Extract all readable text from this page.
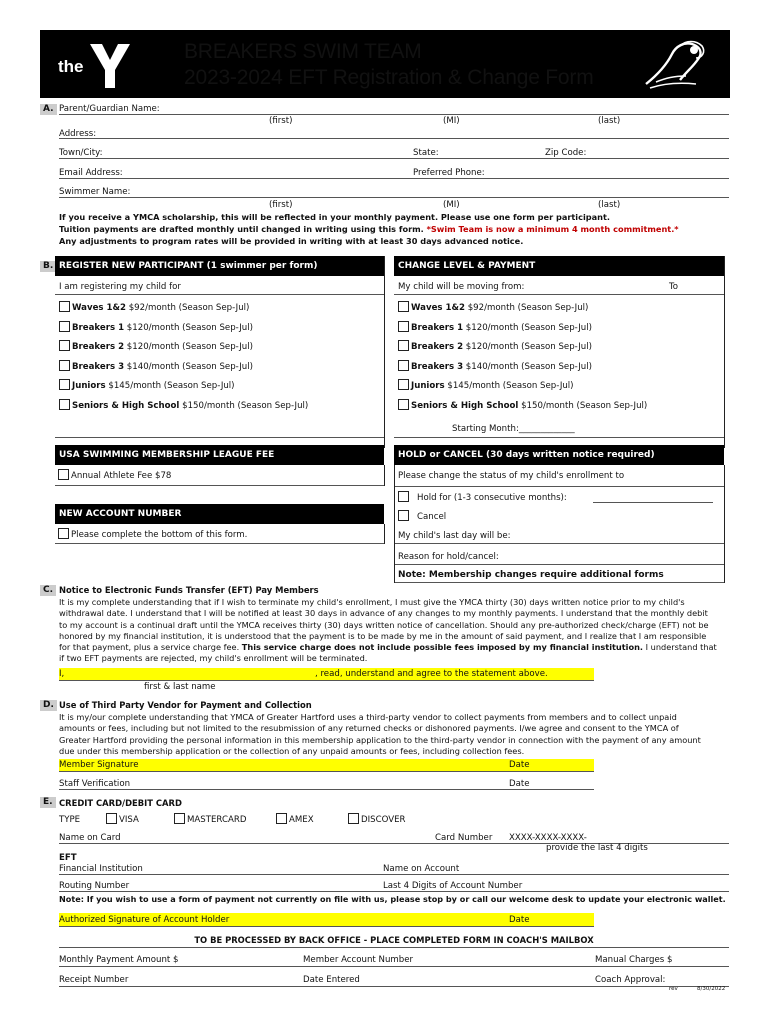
the
BREAKERS SWIM TEAM
2023-2024 EFT Registration & Change Form
A. Parent/Guardian Name:
(first)	(MI)	(last)
Address:
Town/City:	State:	Zip Code:
Email Address:	Preferred Phone:
Swimmer Name:
(first)	(MI)	(last)
If you receive a YMCA scholarship, this will be reflected in your monthly payment. Please use one form per participant.
Tuition payments are drafted monthly until changed in writing using this form. *Swim Team is now a minimum 4 month commitment.*
Any adjustments to program rates will be provided in writing with at least 30 days advanced notice.
B. REGISTER NEW PARTICIPANT (1 swimmer per form)	CHANGE LEVEL & PAYMENT
I am registering my child for	My child will be moving from:	To
Waves 1&2 $92/month (Season Sep-Jul)
Breakers 1 $120/month (Season Sep-Jul)
Breakers 2 $120/month (Season Sep-Jul)
Breakers 3 $140/month (Season Sep-Jul)
Juniors $145/month (Season Sep-Jul)
Seniors & High School $150/month (Season Sep-Jul)
Waves 1&2 $92/month (Season Sep-Jul)
Breakers 1 $120/month (Season Sep-Jul)
Breakers 2 $120/month (Season Sep-Jul)
Breakers 3 $140/month (Season Sep-Jul)
Juniors $145/month (Season Sep-Jul)
Seniors & High School $150/month (Season Sep-Jul)
Starting Month:_____________
USA SWIMMING MEMBERSHIP LEAGUE FEE
Annual Athlete Fee $78
NEW ACCOUNT NUMBER
Please complete the bottom of this form.
HOLD or CANCEL (30 days written notice required)
Please change the status of my child's enrollment to
Hold for (1-3 consecutive months):
Cancel
My child's last day will be:
Reason for hold/cancel:
Note: Membership changes require additional forms
C. Notice to Electronic Funds Transfer (EFT) Pay Members
It is my complete understanding that if I wish to terminate my child's enrollment, I must give the YMCA thirty (30) days written notice prior to my child's
withdrawal date. I understand that I will be notified at least 30 days in advance of any changes to my monthly payments. I understand that the monthly debit
to my account is a continual draft until the YMCA receives thirty (30) days written notice of cancellation. Should any pre-authorized check/charge (EFT) not be
honored by my financial institution, it is understood that the payment is to be made by me in the amount of said payment, and I realize that I am responsible
for that payment, plus a service charge fee. This service charge does not include possible fees imposed by my financial institution. I understand that
if two EFT payments are rejected, my child's enrollment will be terminated.
I,	, read, understand and agree to the statement above.
first & last name
D. Use of Third Party Vendor for Payment and Collection
It is my/our complete understanding that YMCA of Greater Hartford uses a third-party vendor to collect payments from members and to collect unpaid
amounts or fees, including but not limited to the resubmission of any returned checks or dishonored payments. I/we agree and consent to the YMCA of
Greater Hartford providing the personal information in this membership application to the third-party vendor in connection with the payment of any amount
due under this membership application or the collection of any unpaid amounts or fees, including collection fees.
Member Signature	Date
Staff Verification	Date
E. CREDIT CARD/DEBIT CARD
TYPE	VISA	MASTERCARD	AMEX	DISCOVER
Name on Card	Card Number XXXX-XXXX-XXXX-
provide the last 4 digits
EFT
Financial Institution	Name on Account
Routing Number	Last 4 Digits of Account Number
Note: If you wish to use a form of payment not currently on file with us, please stop by or call our welcome desk to update your electronic wallet.
Authorized Signature of Account Holder	Date
TO BE PROCESSED BY BACK OFFICE - PLACE COMPLETED FORM IN COACH'S MAILBOX
Monthly Payment Amount $	Member Account Number	Manual Charges $
Receipt Number	Date Entered	Coach Approval:
rev	8/30/2022
